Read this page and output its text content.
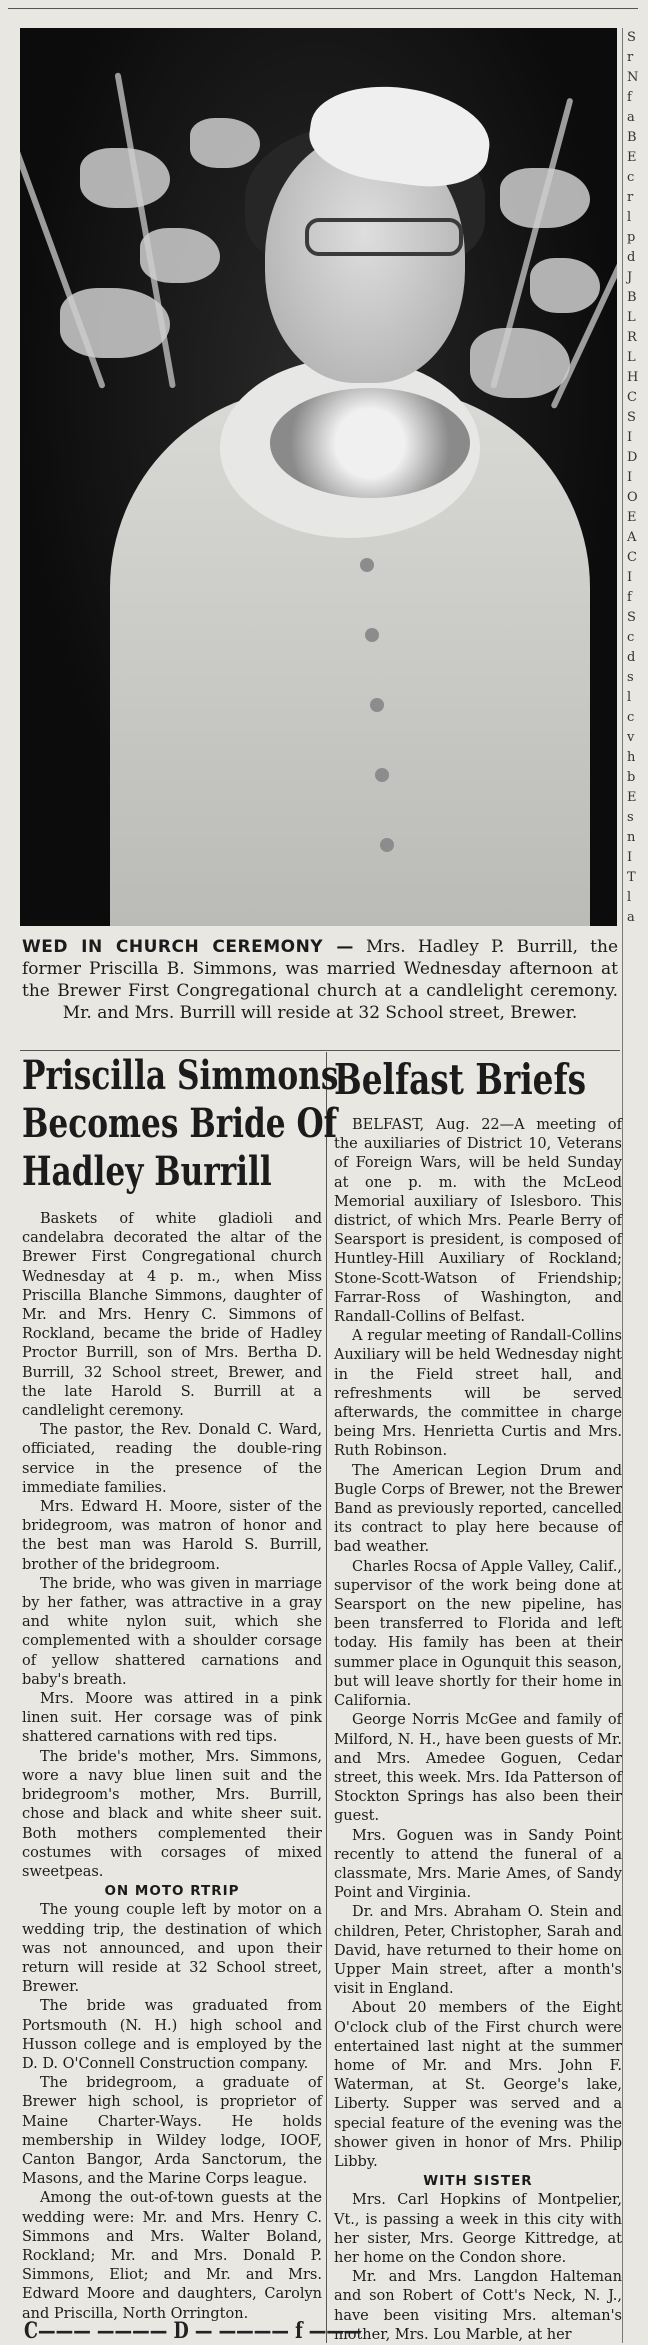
S
r
N
f
a
B
E
c
r
l
p
d
J
B
L
R
L
H
C
S
I
D
I
O
E
A
C
I
f
S
c
d
s
l
c
v
h
b
E
s
n
I
T
l
a
WED IN CHURCH CEREMONY — Mrs. Hadley P. Burrill, the former Priscilla B. Simmons, was married Wednesday afternoon at the Brewer First Congregational church at a candlelight ceremony. Mr. and Mrs. Burrill will reside at 32 School street, Brewer.
Priscilla Simmons
Becomes Bride Of
Hadley Burrill
Belfast Briefs

Baskets of white gladioli and candelabra decorated the altar of the Brewer First Congregational church Wednesday at 4 p. m., when Miss Priscilla Blanche Simmons, daughter of Mr. and Mrs. Henry C. Simmons of Rockland, became the bride of Hadley Proctor Burrill, son of Mrs. Bertha D. Burrill, 32 School street, Brewer, and the late Harold S. Burrill at a candlelight ceremony.

The pastor, the Rev. Donald C. Ward, officiated, reading the double-ring service in the presence of the immediate families.

Mrs. Edward H. Moore, sister of the bridegroom, was matron of honor and the best man was Harold S. Burrill, brother of the bridegroom.

The bride, who was given in marriage by her father, was attractive in a gray and white nylon suit, which she complemented with a shoulder corsage of yellow shattered carnations and baby's breath.

Mrs. Moore was attired in a pink linen suit. Her corsage was of pink shattered carnations with red tips.

The bride's mother, Mrs. Simmons, wore a navy blue linen suit and the bridegroom's mother, Mrs. Burrill, chose and black and white sheer suit. Both mothers complemented their costumes with corsages of mixed sweetpeas.

ON MOTO RTRIP

The young couple left by motor on a wedding trip, the destination of which was not announced, and upon their return will reside at 32 School street, Brewer.

The bride was graduated from Portsmouth (N. H.) high school and Husson college and is employed by the D. D. O'Connell Construction company.

The bridegroom, a graduate of Brewer high school, is proprietor of Maine Charter-Ways. He holds membership in Wildey lodge, IOOF, Canton Bangor, Arda Sanctorum, the Masons, and the Marine Corps league.

Among the out-of-town guests at the wedding were: Mr. and Mrs. Henry C. Simmons and Mrs. Walter Boland, Rockland; Mr. and Mrs. Donald P. Simmons, Eliot; and Mr. and Mrs. Edward Moore and daughters, Carolyn and Priscilla, North Orrington.

BELFAST, Aug. 22—A meeting of the auxiliaries of District 10, Veterans of Foreign Wars, will be held Sunday at one p. m. with the McLeod Memorial auxiliary of Islesboro. This district, of which Mrs. Pearle Berry of Searsport is president, is composed of Huntley-Hill Auxiliary of Rockland; Stone-Scott-Watson of Friendship; Farrar-Ross of Washington, and Randall-Collins of Belfast.

A regular meeting of Randall-Collins Auxiliary will be held Wednesday night in the Field street hall, and refreshments will be served afterwards, the committee in charge being Mrs. Henrietta Curtis and Mrs. Ruth Robinson.

The American Legion Drum and Bugle Corps of Brewer, not the Brewer Band as previously reported, cancelled its contract to play here because of bad weather.

Charles Rocsa of Apple Valley, Calif., supervisor of the work being done at Searsport on the new pipeline, has been transferred to Florida and left today. His family has been at their summer place in Ogunquit this season, but will leave shortly for their home in California.

George Norris McGee and family of Milford, N. H., have been guests of Mr. and Mrs. Amedee Goguen, Cedar street, this week. Mrs. Ida Patterson of Stockton Springs has also been their guest.

Mrs. Goguen was in Sandy Point recently to attend the funeral of a classmate, Mrs. Marie Ames, of Sandy Point and Virginia.

Dr. and Mrs. Abraham O. Stein and children, Peter, Christopher, Sarah and David, have returned to their home on Upper Main street, after a month's visit in England.

About 20 members of the Eight O'clock club of the First church were entertained last night at the summer home of Mr. and Mrs. John F. Waterman, at St. George's lake, Liberty. Supper was served and a special feature of the evening was the shower given in honor of Mrs. Philip Libby.

WITH SISTER

Mrs. Carl Hopkins of Montpelier, Vt., is passing a week in this city with her sister, Mrs. George Kittredge, at her home on the Condon shore.

Mr. and Mrs. Langdon Halteman and son Robert of Cott's Neck, N. J., have been visiting Mrs. alteman's mother, Mrs. Lou Marble, at her

C——— ———— D — ———— f ———
